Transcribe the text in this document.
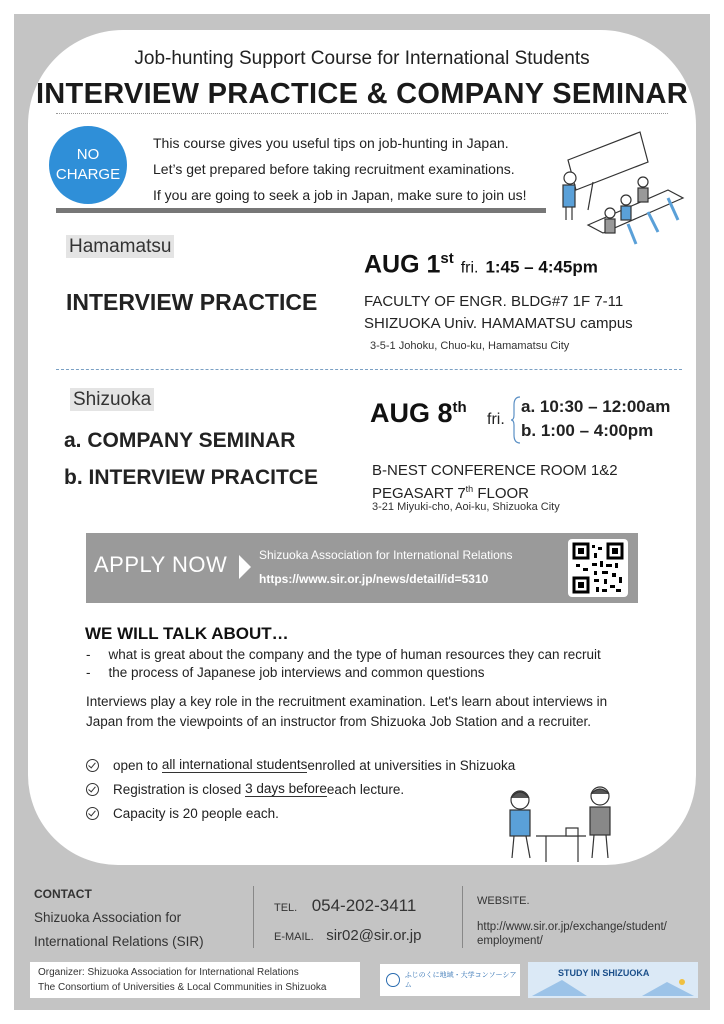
Job-hunting Support Course for International Students
INTERVIEW PRACTICE & COMPANY SEMINAR
NO
CHARGE
This course gives you useful tips on job-hunting in Japan.
Let’s get prepared before taking recruitment examinations.
If you are going to seek a job in Japan, make sure to join us!
Hamamatsu
INTERVIEW PRACTICE
AUG 1st fri. 1:45 – 4:45pm
FACULTY OF ENGR. BLDG#7 1F 7-11
SHIZUOKA Univ. HAMAMATSU campus
3-5-1 Johoku, Chuo-ku, Hamamatsu City
Shizuoka
a. COMPANY SEMINAR
b. INTERVIEW PRACITCE
AUG 8th
fri.
a. 10:30 – 12:00am
b. 1:00 – 4:00pm
B-NEST CONFERENCE ROOM 1&2
PEGASART 7th FLOOR
3-21 Miyuki-cho, Aoi-ku, Shizuoka City
APPLY NOW	Shizuoka Association for International Relations
https://www.sir.or.jp/news/detail/id=5310
WE WILL TALK ABOUT…
- what is great about the company and the type of human resources they can recruit
- the process of Japanese job interviews and common questions
Interviews play a key role in the recruitment examination. Let's learn about interviews in Japan from the viewpoints of an instructor from Shizuoka Job Station and a recruiter.
open to
all international students enrolled at universities in Shizuoka
Registration is closed
3 days before each lecture.
Capacity is 20 people each.
CONTACT
Shizuoka Association for
International Relations (SIR)
TEL. 054-202-3411
E-MAIL. sir02@sir.or.jp
WEBSITE.
http://www.sir.or.jp/exchange/student/
employment/
Organizer: Shizuoka Association for International Relations
The Consortium of Universities & Local Communities in Shizuoka
ふじのくに地域・大学コンソーシアム
STUDY IN SHIZUOKA
